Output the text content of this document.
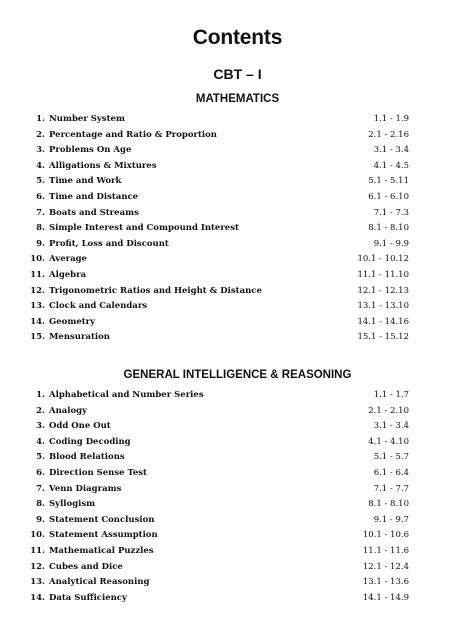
Contents
CBT – I
MATHEMATICS
1. Number System	1.1 - 1.9
2. Percentage and Ratio & Proportion	2.1 - 2.16
3. Problems On Age	3.1 - 3.4
4. Alligations & Mixtures	4.1 - 4.5
5. Time and Work	5.1 - 5.11
6. Time and Distance	6.1 - 6.10
7. Boats and Streams	7.1 - 7.3
8. Simple Interest and Compound Interest	8.1 - 8.10
9. Profit, Loss and Discount	9.1 - 9.9
10. Average	10.1 - 10.12
11. Algebra	11.1 - 11.10
12. Trigonometric Ratios and Height & Distance	12.1 - 12.13
13. Clock and Calendars	13.1 - 13.10
14. Geometry	14.1 - 14.16
15. Mensuration	15.1 - 15.12
GENERAL INTELLIGENCE & REASONING
1. Alphabetical and Number Series	1.1 - 1.7
2. Analogy	2.1 - 2.10
3. Odd One Out	3.1 - 3.4
4. Coding Decoding	4.1 - 4.10
5. Blood Relations	5.1 - 5.7
6. Direction Sense Test	6.1 - 6.4
7. Venn Diagrams	7.1 - 7.7
8. Syllogism	8.1 - 8.10
9. Statement Conclusion	9.1 - 9.7
10. Statement Assumption	10.1 - 10.6
11. Mathematical Puzzles	11.1 - 11.6
12. Cubes and Dice	12.1 - 12.4
13. Analytical Reasoning	13.1 - 13.6
14. Data Sufficiency	14.1 - 14.9
